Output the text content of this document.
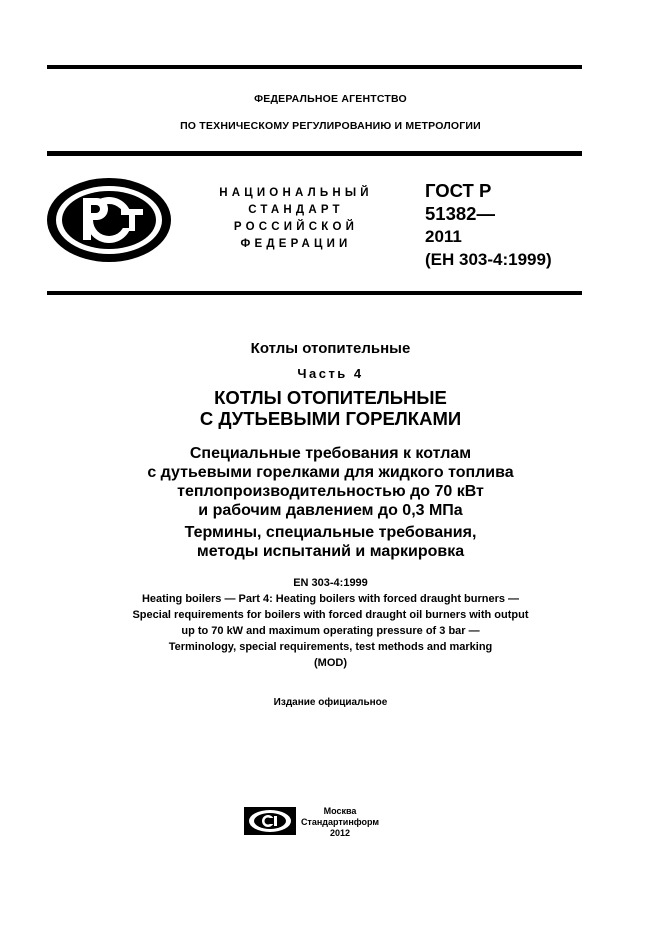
ФЕДЕРАЛЬНОЕ АГЕНТСТВО
ПО ТЕХНИЧЕСКОМУ РЕГУЛИРОВАНИЮ И МЕТРОЛОГИИ
НАЦИОНАЛЬНЫЙ
СТАНДАРТ
РОССИЙСКОЙ
ФЕДЕРАЦИИ
ГОСТ Р
51382—
2011
(ЕН 303-4:1999)
Котлы отопительные
Часть 4
КОТЛЫ ОТОПИТЕЛЬНЫЕ
С ДУТЬЕВЫМИ ГОРЕЛКАМИ
Специальные требования к котлам
с дутьевыми горелками для жидкого топлива
теплопроизводительностью до 70 кВт
и рабочим давлением до 0,3 МПа
Термины, специальные требования,
методы испытаний и маркировка
EN 303-4:1999
Heating boilers — Part 4: Heating boilers with forced draught burners —
Special requirements for boilers with forced draught oil burners with output
up to 70 kW and maximum operating pressure of 3 bar —
Terminology, special requirements, test methods and marking
(MOD)
Издание официальное
Москва
Стандартинформ
2012
